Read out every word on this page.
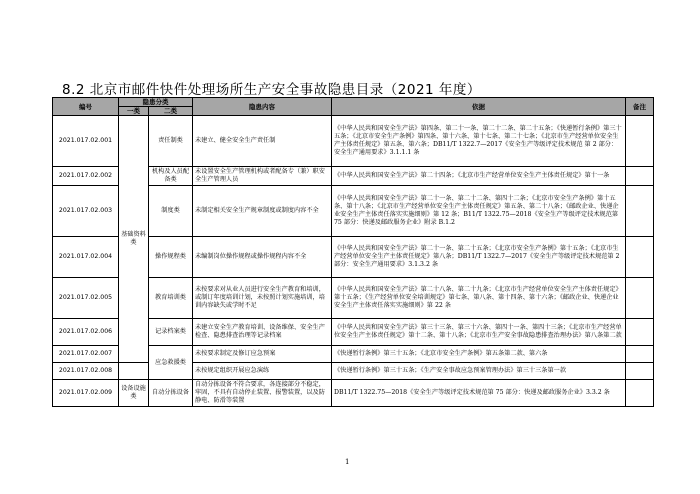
8.2 北京市邮件快件处理场所生产安全事故隐患目录（2021 年度）
编号	隐患分类		隐患内容	依据	备注
	一类	二类			
2021.017.02.001	基础资料类	责任制类	未建立、健全安全生产责任制	《中华人民共和国安全生产法》第四条、第二十一条、第二十二条、第二十五条；《快递暂行条例》第三十五条；《北京市安全生产条例》第四条、第十六条、第十七条、第二十七条；《北京市生产经营单位安全生产主体责任规定》第五条、第六条；DB11/T 1322.7—2017《安全生产等级评定技术规范 第 2 部分：安全生产通用要求》3.1.1.1 条	
2021.017.02.002		机构及人员配备类	未设置安全生产管理机构或者配备专（兼）职安全生产管理人员	《中华人民共和国安全生产法》第二十四条；《北京市生产经营单位安全生产主体责任规定》第十一条	
2021.017.02.003		制度类	未制定相关安全生产规章制度或制度内容不全	《中华人民共和国安全生产法》第二十一条、第二十二条、第四十二条；《北京市安全生产条例》第十五条、第十八条；《北京市生产经营单位安全生产主体责任规定》第五条、第二十八条；《邮政企业、快递企业安全生产主体责任落实实施细则》第 12 条；B11/T 1322.75—2018《安全生产等级评定技术规范第 75 部分：快递及邮政服务企业》附录 B.1.2	
2021.017.02.004		操作规程类	未编制岗位操作规程或操作规程内容不全	《中华人民共和国安全生产法》第二十一条、第二十五条；《北京市安全生产条例》第十五条；《北京市生产经营单位安全生产主体责任规定》第八条；DB11/T 1322.7—2017《安全生产等级评定技术规范第 2 部分：安全生产通用要求》3.1.3.2 条	
2021.017.02.005		教育培训类	未按要求对从业人员进行安全生产教育和培训，或制订年度培训计划，未按照计划实施培训，培训内容缺失或学时不足	《中华人民共和国安全生产法》第二十八条、第二十九条；《北京市生产经营单位安全生产主体责任规定》第十五条；《生产经营单位安全培训规定》第七条、第八条、第十四条、第十六条；《邮政企业、快递企业安全生产主体责任落实实施细则》第 22 条	
2021.017.02.006		记录档案类	未建立安全生产教育培训、设备维保、安全生产检查、隐患排查治理等记录档案	《中华人民共和国安全生产法》第三十三条、第三十六条、第四十一条、第四十三条；《北京市生产经营单位安全生产主体责任规定》第十二条、第十八条；《北京市生产安全事故隐患排查治理办法》第八条第二款	
2021.017.02.007		应急救援类	未按要求制定及修订应急预案	《快递暂行条例》第三十五条；《北京市安全生产条例》第五条第二款、第六条	
2021.017.02.008			未按规定组织开展应急演练	《快递暂行条例》第三十五条；《生产安全事故应急预案管理办法》第三十三条第一款	
2021.017.02.009	设备设施类	自动分拣设备	自动分拣设备不符合要求，各连接部分不稳定，牢固，不具有自动停止装置、报警装置，以及防静电、防滑等装置	DB11/T 1322.75—2018《安全生产等级评定技术规范第 75 部分：快递及邮政服务企业》3.3.2 条	
1
